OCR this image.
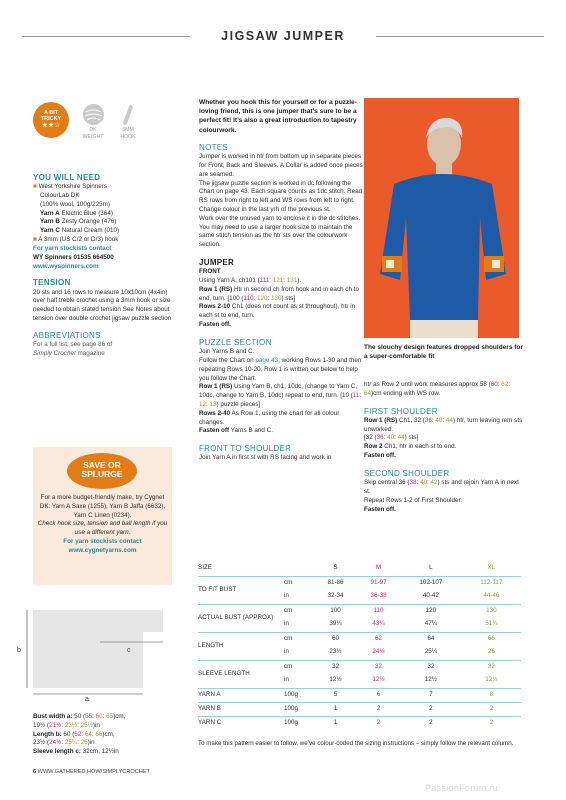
JIGSAW JUMPER
A BIT
TRICKY
★★☆
DK
WEIGHT
3MM
HOOK
YOU WILL NEED

■ West Yorkshire Spinners

ColourLab DK

(100% wool, 100g/225m)

Yarn A Electric Blue (364)

Yarn B Zesty Orange (476)

Yarn C Natural Cream (010)

■ A 3mm (US C/2 or D/3) hook

For yarn stockists contact

WY Spinners 01535 664500

www.wyspinners.com

TENSION

20 sts and 16 rows to measure 10x10cm (4x4in) over half treble crochet using a 3mm hook or size needed to obtain stated tension See Notes about tension over double crochet jigsaw puzzle section

ABBREVIATIONS

For a full list, see page 86 of
Simply Crochet magazine

SAVE OR
SPLURGE
For a more budget-friendly make, try Cygnet DK: Yarn A Saxe (1255), Yarn B Jaffa (6632), Yarn C Linen (0234).
Check hook size, tension and ball length if you use a different yarn.
For yarn stockists contact
www.cygnetyarns.com
b
a
c
Bust width a: 50 (55: 60: 65)cm,
19½ (21½: 23½: 25½)in
Length b: 60 (62: 64: 66)cm,
23½ (24½: 25¼: 26)in
Sleeve length c: 32cm, 12½in

Whether you hook this for yourself or for a puzzle-loving friend, this is one jumper that’s sure to be a perfect fit! It’s also a great introduction to tapestry colourwork.

NOTES

Jumper is worked in htr from bottom up in separate pieces for Front, Back and Sleeves. A Collar is added once pieces are seamed.

The jigsaw puzzle section is worked in dc following the Chart on page 43. Each square counts as 1dc stitch. Read RS rows from right to left and WS rows from left to right. Change colour in the last yrh of the previous st.

Work over the unused yarn to enclose it in the dc stitches. You may need to use a larger hook size to maintain the same stitch tension as the htr sts over the colourwork section.

JUMPER

FRONT

Using Yarn A, ch101 (111: 121: 131).

Row 1 (RS) Htr in second ch from hook and in each ch to end, turn. [100 (110: 120: 130) sts]

Rows 2-10 Ch1 (does not count as st throughout), htr in each st to end, turn.

Fasten off.

PUZZLE SECTION

Join Yarns B and C.

Follow the Chart on page 43, working Rows 1-30 and then repeating Rows 10-20. Row 1 is written out below to help you follow the Chart.

Row 1 (RS) Using Yarn B, ch1, 10dc, (change to Yarn C, 10dc, change to Yarn B, 10dc) repeat to end, turn. [10 (11: 12: 13) puzzle pieces]

Rows 2-40 As Row 1, using the chart for all colour changes.

Fasten off Yarns B and C.

FRONT TO SHOULDER

Join Yarn A in first st with RS facing and work in

The slouchy design features dropped shoulders for a super-comfortable fit

htr as Row 2 until work measures approx 58 (60: 62: 64)cm ending with WS row.

FIRST SHOULDER

Row 1 (RS) Ch1, 32 (36: 40: 44) htr, turn leaving rem sts unworked.

[32 (36: 40: 44) sts]

Row 2 Ch1, htr in each st to end.

Fasten off.

SECOND SHOULDER

Skip central 36 (38: 40: 42) sts and rejoin Yarn A in next st.

Repeat Rows 1-2 of First Shoulder.

Fasten off.

SIZE		S	M	L	XL
TO FIT BUST	cm	81-86	91-97	102-107	112-117
	in	32-34	36-38	40-42	44-46
ACTUAL BUST (APPROX)	cm	100	110	120	130
	in	39¼	43¼	47¼	51¼
LENGTH	cm	60	62	64	66
	in	23½	24½	25¼	26
SLEEVE LENGTH	cm	32	32	32	32
	in	12½	12½	12½	12½
YARN A	100g	5	6	7	8
YARN B	100g	1	2	2	2
YARN C	100g	1	2	2	2
To make this pattern easier to follow, we’ve colour-coded the sizing instructions – simply follow the relevant column.
6 WWW.GATHERED.HOW/SIMPLYCROCHET
PassionForum.ru
